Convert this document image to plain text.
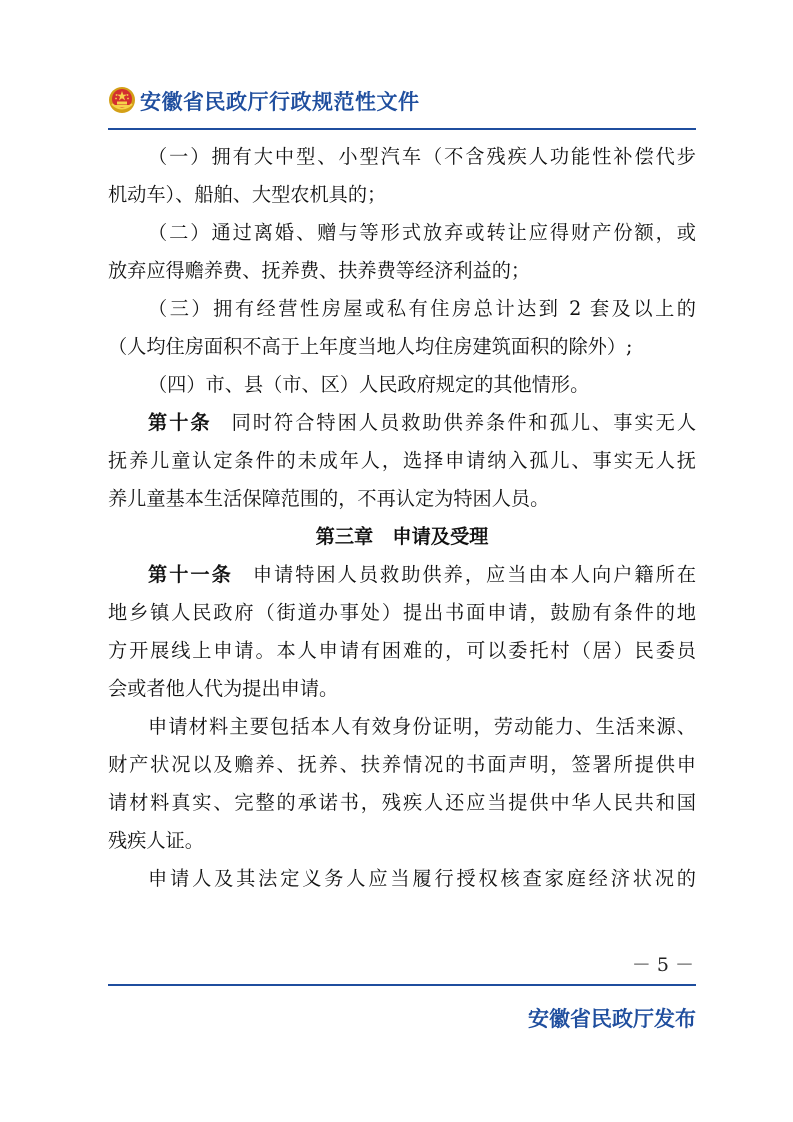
安徽省民政厅行政规范性文件
（一）拥有大中型、小型汽车（不含残疾人功能性补偿代步
机动车）、船舶、大型农机具的；
（二）通过离婚、赠与等形式放弃或转让应得财产份额，或
放弃应得赡养费、抚养费、扶养费等经济利益的；
（三）拥有经营性房屋或私有住房总计达到 2 套及以上的
（人均住房面积不高于上年度当地人均住房建筑面积的除外）;
（四）市、县（市、区）人民政府规定的其他情形。
第十条 同时符合特困人员救助供养条件和孤儿、事实无人
抚养儿童认定条件的未成年人，选择申请纳入孤儿、事实无人抚
养儿童基本生活保障范围的，不再认定为特困人员。
第三章　申请及受理
第十一条 申请特困人员救助供养，应当由本人向户籍所在
地乡镇人民政府（街道办事处）提出书面申请，鼓励有条件的地
方开展线上申请。本人申请有困难的，可以委托村（居）民委员
会或者他人代为提出申请。
申请材料主要包括本人有效身份证明，劳动能力、生活来源、
财产状况以及赡养、抚养、扶养情况的书面声明，签署所提供申
请材料真实、完整的承诺书，残疾人还应当提供中华人民共和国
残疾人证。
申请人及其法定义务人应当履行授权核查家庭经济状况的
－ 5 －
安徽省民政厅发布
